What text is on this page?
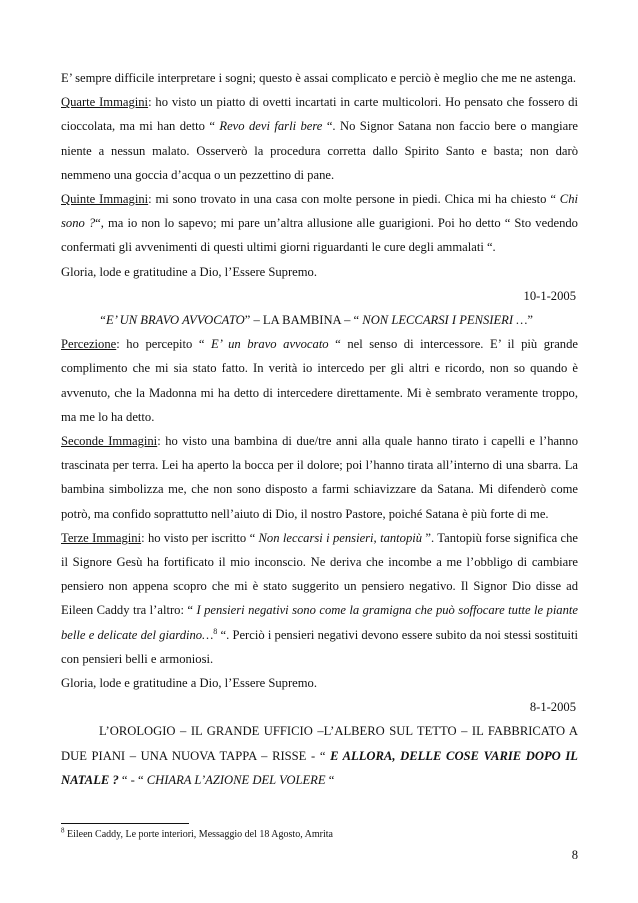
E’ sempre difficile interpretare i sogni; questo è assai complicato e perciò è meglio che me ne astenga.

Quarte Immagini: ho visto un piatto di ovetti incartati in carte multicolori. Ho pensato che fossero di cioccolata, ma mi han detto “ Revo devi farli bere “. No Signor Satana non faccio bere o mangiare niente a nessun malato. Osserverò la procedura corretta dallo Spirito Santo e basta; non darò nemmeno una goccia d’acqua o un pezzettino di pane.

Quinte Immagini: mi sono trovato in una casa con molte persone in piedi. Chica mi ha chiesto “ Chi sono ?“, ma io non lo sapevo; mi pare un’altra allusione alle guarigioni. Poi ho detto “ Sto vedendo confermati gli avvenimenti di questi ultimi giorni riguardanti le cure degli ammalati “.

Gloria, lode e gratitudine a Dio, l’Essere Supremo.

10-1-2005

“E’ UN BRAVO AVVOCATO” – LA BAMBINA – “ NON LECCARSI I PENSIERI …”

Percezione: ho percepito “ E’ un bravo avvocato “ nel senso di intercessore. E’ il più grande complimento che mi sia stato fatto. In verità io intercedo per gli altri e ricordo, non so quando è avvenuto, che la Madonna mi ha detto di intercedere direttamente. Mi è sembrato veramente troppo, ma me lo ha detto.

Seconde Immagini: ho visto una bambina di due/tre anni alla quale hanno tirato i capelli e l’hanno trascinata per terra. Lei ha aperto la bocca per il dolore; poi l’hanno tirata all’interno di una sbarra. La bambina simbolizza me, che non sono disposto a farmi schiavizzare da Satana. Mi difenderò come potrò, ma confido soprattutto nell’aiuto di Dio, il nostro Pastore, poiché Satana è più forte di me.

Terze Immagini: ho visto per iscritto “ Non leccarsi i pensieri, tantopiù ”. Tantopiù forse significa che il Signore Gesù ha fortificato il mio inconscio. Ne deriva che incombe a me l’obbligo di cambiare pensiero non appena scopro che mi è stato suggerito un pensiero negativo. Il Signor Dio disse ad Eileen Caddy tra l’altro: “ I pensieri negativi sono come la gramigna che può soffocare tutte le piante belle e delicate del giardino…$^8$ “. Perciò i pensieri negativi devono essere subito da noi stessi sostituiti con pensieri belli e armoniosi.

Gloria, lode e gratitudine a Dio, l’Essere Supremo.

8-1-2005

L’OROLOGIO – IL GRANDE UFFICIO –L’ALBERO SUL TETTO – IL FABBRICATO A DUE PIANI – UNA NUOVA TAPPA – RISSE - “ E ALLORA, DELLE COSE VARIE DOPO IL NATALE ? “ - “ CHIARA L’AZIONE DEL VOLERE “

$^8$ Eileen Caddy, Le porte interiori, Messaggio del 18 Agosto, Amrita
8
